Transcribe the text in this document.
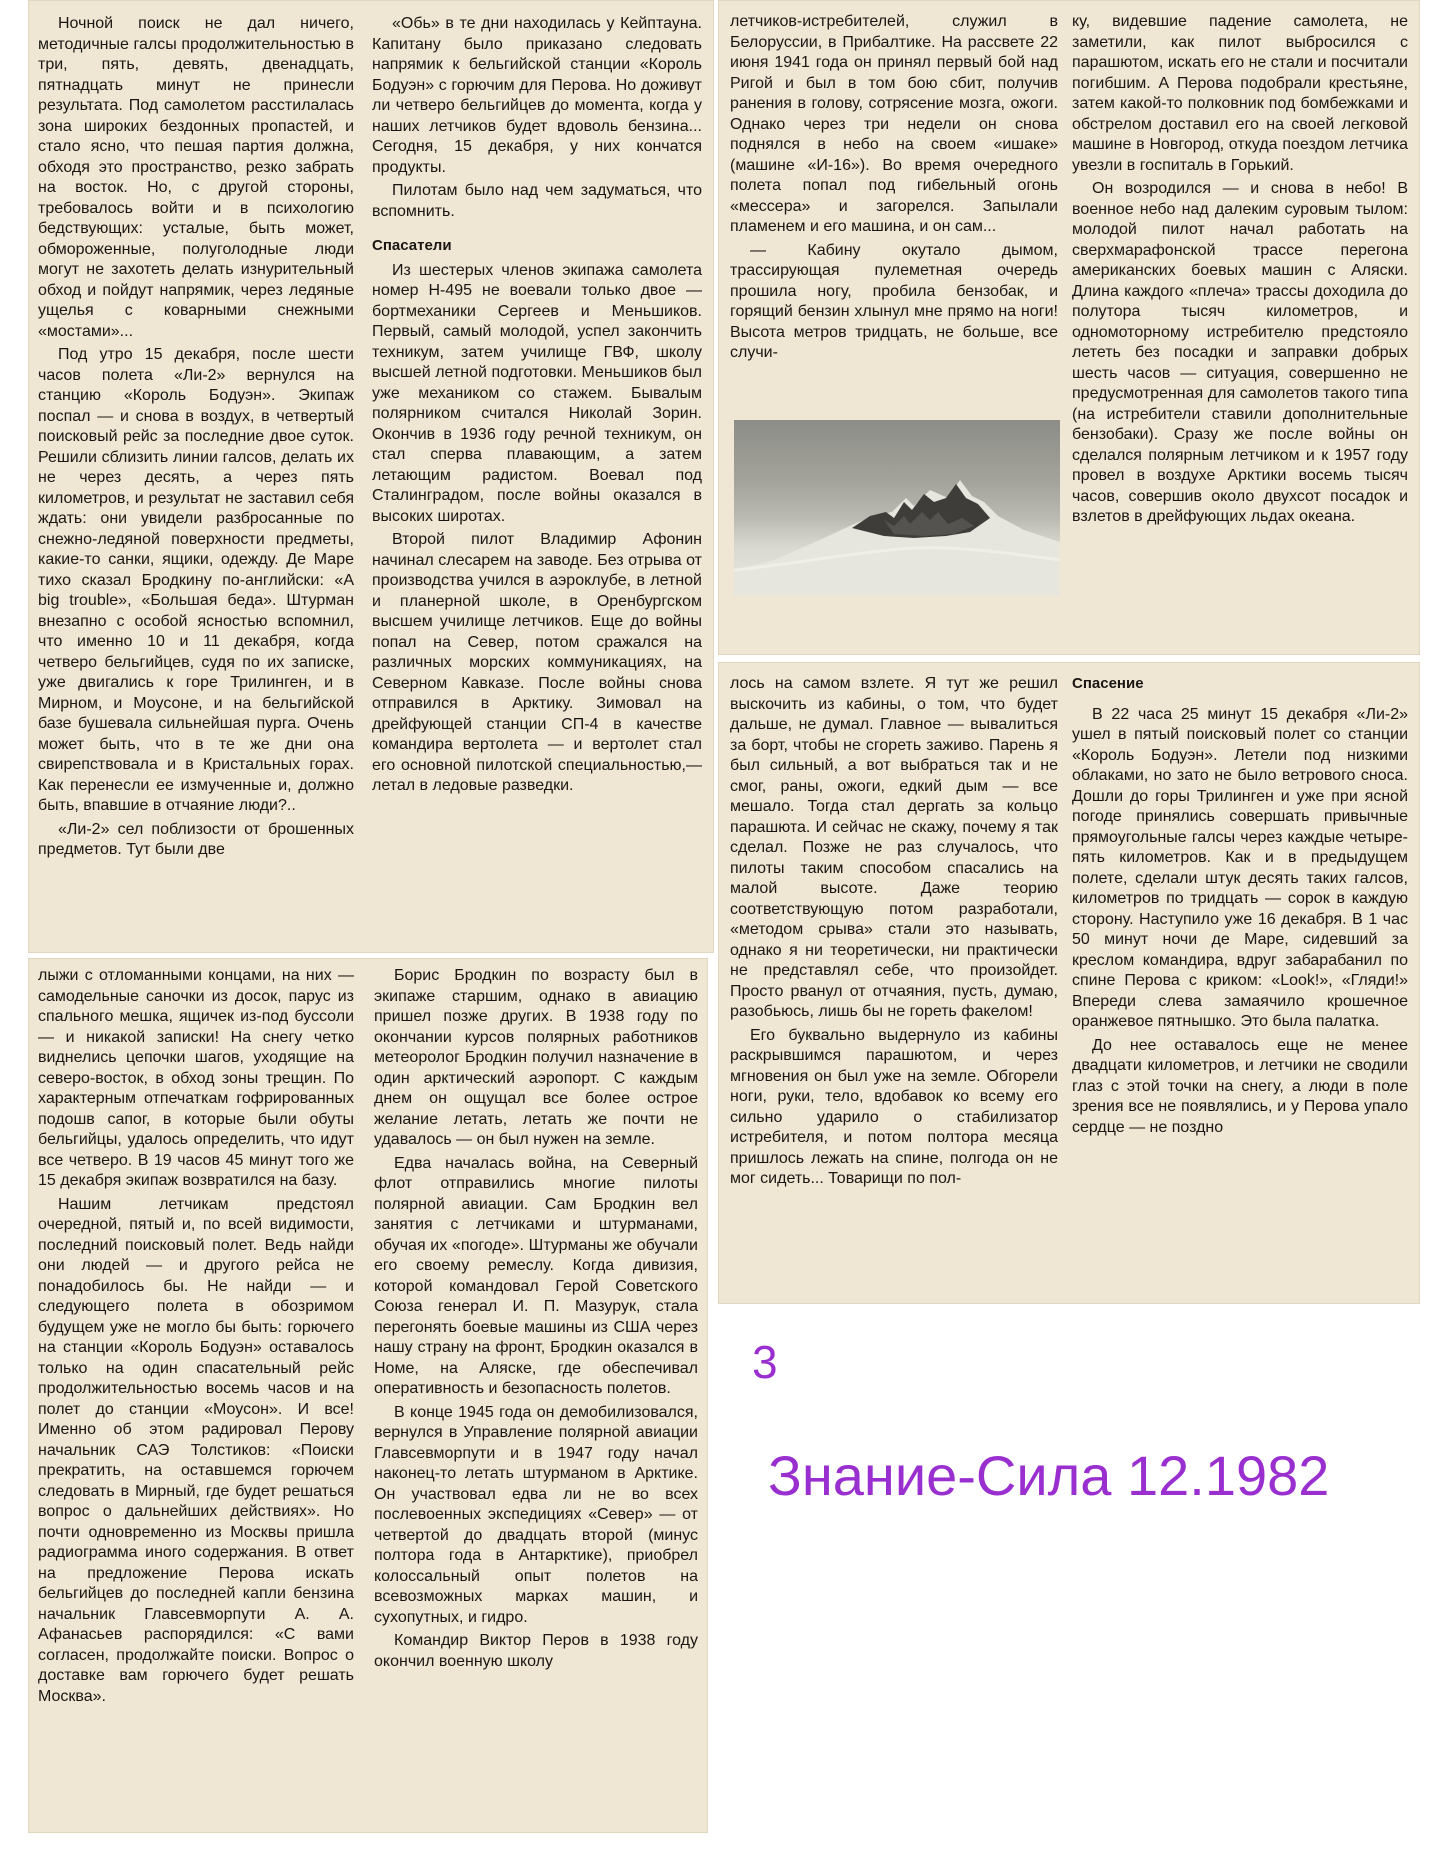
Ночной поиск не дал ничего, методичные галсы продолжительностью в три, пять, девять, двенадцать, пятнадцать минут не принесли результата. Под самолетом расстилалась зона широких бездонных пропастей, и стало ясно, что пешая партия должна, обходя это пространство, резко забрать на восток. Но, с другой стороны, требовалось войти и в психологию бедствующих: усталые, быть может, обмороженные, полуголодные люди могут не захотеть делать изнурительный обход и пойдут напрямик, через ледяные ущелья с коварными снежными «мостами»...

Под утро 15 декабря, после шести часов полета «Ли-2» вернулся на станцию «Король Бодуэн». Экипаж поспал — и снова в воздух, в четвертый поисковый рейс за последние двое суток. Решили сблизить линии галсов, делать их не через десять, а через пять километров, и результат не заставил себя ждать: они увидели разбросанные по снежно-ледяной поверхности предметы, какие-то санки, ящики, одежду. Де Маре тихо сказал Бродкину по-английски: «A big trouble», «Большая беда». Штурман внезапно с особой ясностью вспомнил, что именно 10 и 11 декабря, когда четверо бельгийцев, судя по их записке, уже двигались к горе Трилинген, и в Мирном, и Моусоне, и на бельгийской базе бушевала сильнейшая пурга. Очень может быть, что в те же дни она свирепствовала и в Кристальных горах. Как перенесли ее измученные и, должно быть, впавшие в отчаяние люди?..

«Ли-2» сел поблизости от брошенных предметов. Тут были две

«Обь» в те дни находилась у Кейптауна. Капитану было приказано следовать напрямик к бельгийской станции «Король Бодуэн» с горючим для Перова. Но доживут ли четверо бельгийцев до момента, когда у наших летчиков будет вдоволь бензина... Сегодня, 15 декабря, у них кончатся продукты.

Пилотам было над чем задуматься, что вспомнить.

Спасатели

Из шестерых членов экипажа самолета номер Н-495 не воевали только двое — бортмеханики Сергеев и Меньшиков. Первый, самый молодой, успел закончить техникум, затем училище ГВФ, школу высшей летной подготовки. Меньшиков был уже механиком со стажем. Бывалым полярником считался Николай Зорин. Окончив в 1936 году речной техникум, он стал сперва плавающим, а затем летающим радистом. Воевал под Сталинградом, после войны оказался в высоких широтах.

Второй пилот Владимир Афонин начинал слесарем на заводе. Без отрыва от производства учился в аэроклубе, в летной и планерной школе, в Оренбургском высшем училище летчиков. Еще до войны попал на Север, потом сражался на различных морских коммуникациях, на Северном Кавказе. После войны снова отправился в Арктику. Зимовал на дрейфующей станции СП-4 в качестве командира вертолета — и вертолет стал его основной пилотской специальностью,— летал в ледовые разведки.

летчиков-истребителей, служил в Белоруссии, в Прибалтике. На рассвете 22 июня 1941 года он принял первый бой над Ригой и был в том бою сбит, получив ранения в голову, сотрясение мозга, ожоги. Однако через три недели он снова поднялся в небо на своем «ишаке» (машине «И-16»). Во время очередного полета попал под гибельный огонь «мессера» и загорелся. Запылали пламенем и его машина, и он сам...

— Кабину окутало дымом, трассирующая пулеметная очередь прошила ногу, пробила бензобак, и горящий бензин хлынул мне прямо на ноги! Высота метров тридцать, не больше, все случи-

ку, видевшие падение самолета, не заметили, как пилот выбросился с парашютом, искать его не стали и посчитали погибшим. А Перова подобрали крестьяне, затем какой-то полковник под бомбежками и обстрелом доставил его на своей легковой машине в Новгород, откуда поездом летчика увезли в госпиталь в Горький.

Он возродился — и снова в небо! В военное небо над далеким суровым тылом: молодой пилот начал работать на сверхмарафонской трассе перегона американских боевых машин с Аляски. Длина каждого «плеча» трассы доходила до полутора тысяч километров, и одномоторному истребителю предстояло лететь без посадки и заправки добрых шесть часов — ситуация, совершенно не предусмотренная для самолетов такого типа (на истребители ставили дополнительные бензобаки). Сразу же после войны он сделался полярным летчиком и к 1957 году провел в воздухе Арктики восемь тысяч часов, совершив около двухсот посадок и взлетов в дрейфующих льдах океана.

лось на самом взлете. Я тут же решил выскочить из кабины, о том, что будет дальше, не думал. Главное — вывалиться за борт, чтобы не сгореть заживо. Парень я был сильный, а вот выбраться так и не смог, раны, ожоги, едкий дым — все мешало. Тогда стал дергать за кольцо парашюта. И сейчас не скажу, почему я так сделал. Позже не раз случалось, что пилоты таким способом спасались на малой высоте. Даже теорию соответствующую потом разработали, «методом срыва» стали это называть, однако я ни теоретически, ни практически не представлял себе, что произойдет. Просто рванул от отчаяния, пусть, думаю, разобьюсь, лишь бы не гореть факелом!

Его буквально выдернуло из кабины раскрывшимся парашютом, и через мгновения он был уже на земле. Обгорели ноги, руки, тело, вдобавок ко всему его сильно ударило о стабилизатор истребителя, и потом полтора месяца пришлось лежать на спине, полгода он не мог сидеть... Товарищи по пол-

Спасение

В 22 часа 25 минут 15 декабря «Ли-2» ушел в пятый поисковый полет со станции «Король Бодуэн». Летели под низкими облаками, но зато не было ветрового сноса. Дошли до горы Трилинген и уже при ясной погоде принялись совершать привычные прямоугольные галсы через каждые четыре-пять километров. Как и в предыдущем полете, сделали штук десять таких галсов, километров по тридцать — сорок в каждую сторону. Наступило уже 16 декабря. В 1 час 50 минут ночи де Маре, сидевший за креслом командира, вдруг забарабанил по спине Перова с криком: «Look!», «Гляди!» Впереди слева замаячило крошечное оранжевое пятнышко. Это была палатка.

До нее оставалось еще не менее двадцати километров, и летчики не сводили глаз с этой точки на снегу, а люди в поле зрения все не появлялись, и у Перова упало сердце — не поздно

лыжи с отломанными концами, на них — самодельные саночки из досок, парус из спального мешка, ящичек из-под буссоли — и никакой записки! На снегу четко виднелись цепочки шагов, уходящие на северо-восток, в обход зоны трещин. По характерным отпечаткам гофрированных подошв сапог, в которые были обуты бельгийцы, удалось определить, что идут все четверо. В 19 часов 45 минут того же 15 декабря экипаж возвратился на базу.

Нашим летчикам предстоял очередной, пятый и, по всей видимости, последний поисковый полет. Ведь найди они людей — и другого рейса не понадобилось бы. Не найди — и следующего полета в обозримом будущем уже не могло бы быть: горючего на станции «Король Бодуэн» оставалось только на один спасательный рейс продолжительностью восемь часов и на полет до станции «Моусон». И все! Именно об этом радировал Перову начальник САЭ Толстиков: «Поиски прекратить, на оставшемся горючем следовать в Мирный, где будет решаться вопрос о дальнейших действиях». Но почти одновременно из Москвы пришла радиограмма иного содержания. В ответ на предложение Перова искать бельгийцев до последней капли бензина начальник Главсевморпути А. А. Афанасьев распорядился: «С вами согласен, продолжайте поиски. Вопрос о доставке вам горючего будет решать Москва».

Борис Бродкин по возрасту был в экипаже старшим, однако в авиацию пришел позже других. В 1938 году по окончании курсов полярных работников метеоролог Бродкин получил назначение в один арктический аэропорт. С каждым днем он ощущал все более острое желание летать, летать же почти не удавалось — он был нужен на земле.

Едва началась война, на Северный флот отправились многие пилоты полярной авиации. Сам Бродкин вел занятия с летчиками и штурманами, обучая их «погоде». Штурманы же обучали его своему ремеслу. Когда дивизия, которой командовал Герой Советского Союза генерал И. П. Мазурук, стала перегонять боевые машины из США через нашу страну на фронт, Бродкин оказался в Номе, на Аляске, где обеспечивал оперативность и безопасность полетов.

В конце 1945 года он демобилизовался, вернулся в Управление полярной авиации Главсевморпути и в 1947 году начал наконец-то летать штурманом в Арктике. Он участвовал едва ли не во всех послевоенных экспедициях «Север» — от четвертой до двадцать второй (минус полтора года в Антарктике), приобрел колоссальный опыт полетов на всевозможных марках машин, и сухопутных, и гидро.

Командир Виктор Перов в 1938 году окончил военную школу

3
Знание-Сила 12.1982
